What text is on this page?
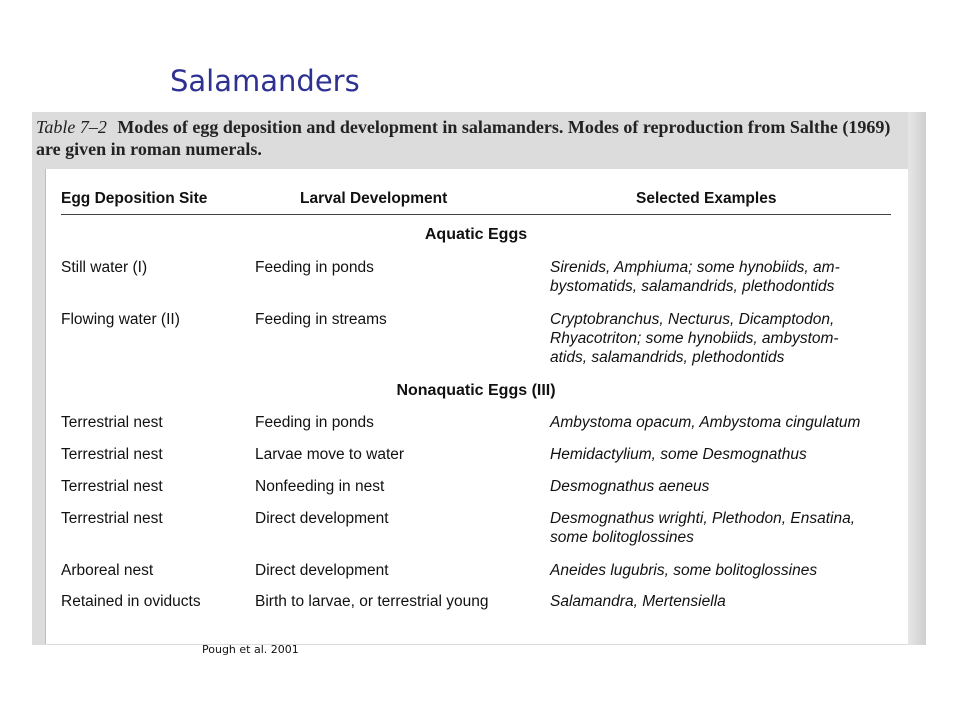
Salamanders
Table 7–2 Modes of egg deposition and development in salamanders. Modes of reproduction from Salthe (1969) are given in roman numerals.
Egg Deposition Site	Larval Development	Selected Examples
Aquatic Eggs
Still water (I)	Feeding in ponds	Sirenids, Amphiuma; some hynobiids, am-
bystomatids, salamandrids, plethodontids
Flowing water (II)	Feeding in streams	Cryptobranchus, Necturus, Dicamptodon,
Rhyacotriton; some hynobiids, ambystom-
atids, salamandrids, plethodontids
Nonaquatic Eggs (III)
Terrestrial nest	Feeding in ponds	Ambystoma opacum, Ambystoma cingulatum
Terrestrial nest	Larvae move to water	Hemidactylium, some Desmognathus
Terrestrial nest	Nonfeeding in nest	Desmognathus aeneus
Terrestrial nest	Direct development	Desmognathus wrighti, Plethodon, Ensatina,
some bolitoglossines
Arboreal nest	Direct development	Aneides lugubris, some bolitoglossines
Retained in oviducts	Birth to larvae, or terrestrial young	Salamandra, Mertensiella
Pough et al. 2001
